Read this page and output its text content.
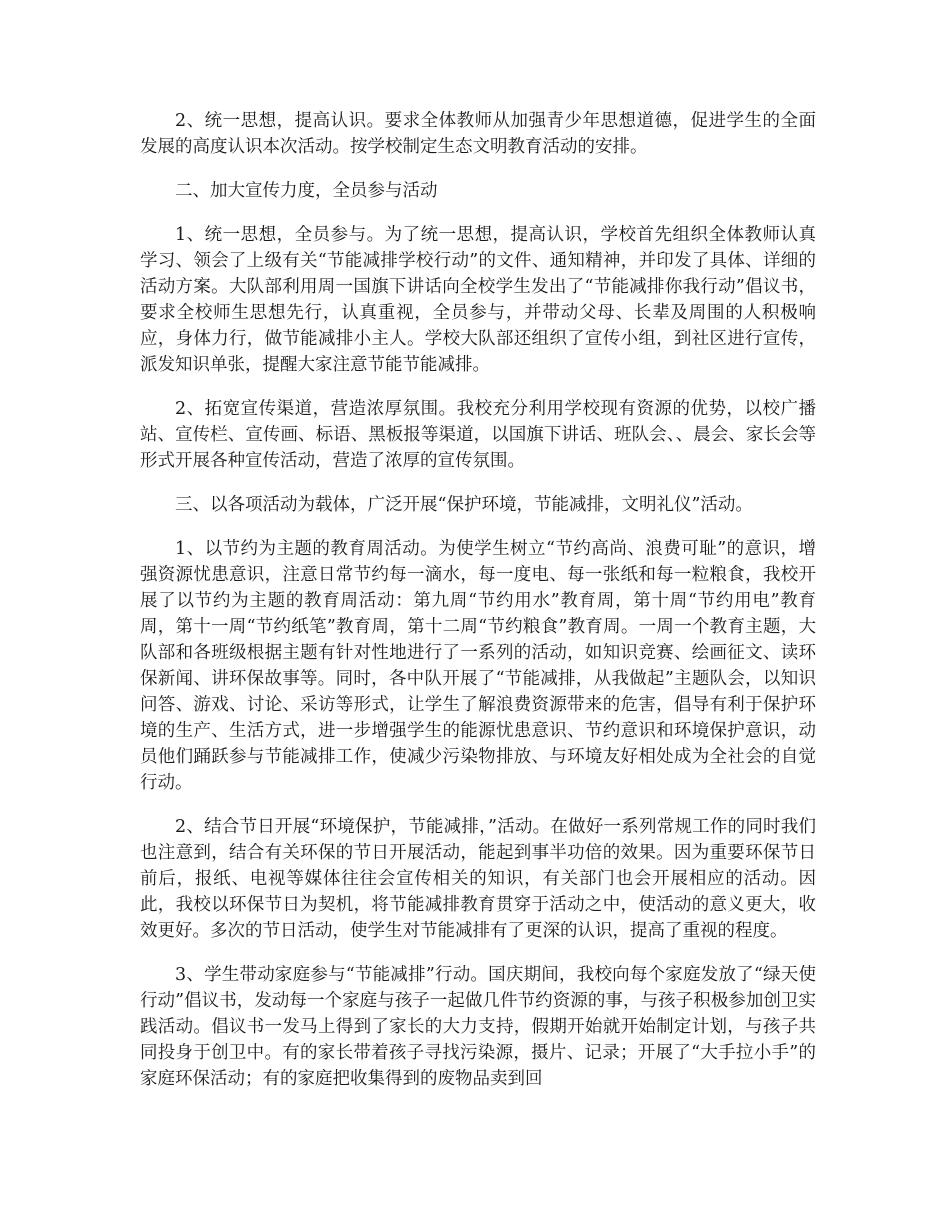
2、统一思想，提高认识。要求全体教师从加强青少年思想道德，促进学生的全面发展的高度认识本次活动。按学校制定生态文明教育活动的安排。

二、加大宣传力度，全员参与活动

1、统一思想，全员参与。为了统一思想，提高认识，学校首先组织全体教师认真学习、领会了上级有关“节能减排学校行动”的文件、通知精神，并印发了具体、详细的活动方案。大队部利用周一国旗下讲话向全校学生发出了“节能减排你我行动”倡议书，要求全校师生思想先行，认真重视，全员参与，并带动父母、长辈及周围的人积极响应，身体力行，做节能减排小主人。学校大队部还组织了宣传小组，到社区进行宣传，派发知识单张，提醒大家注意节能节能减排。

2、拓宽宣传渠道，营造浓厚氛围。我校充分利用学校现有资源的优势，以校广播站、宣传栏、宣传画、标语、黑板报等渠道，以国旗下讲话、班队会、、晨会、家长会等形式开展各种宣传活动，营造了浓厚的宣传氛围。

三、以各项活动为载体，广泛开展“保护环境，节能减排，文明礼仪”活动。

1、以节约为主题的教育周活动。为使学生树立“节约高尚、浪费可耻”的意识，增强资源忧患意识，注意日常节约每一滴水，每一度电、每一张纸和每一粒粮食，我校开展了以节约为主题的教育周活动：第九周“节约用水”教育周，第十周“节约用电”教育周，第十一周“节约纸笔”教育周，第十二周“节约粮食”教育周。一周一个教育主题，大队部和各班级根据主题有针对性地进行了一系列的活动，如知识竞赛、绘画征文、读环保新闻、讲环保故事等。同时，各中队开展了“节能减排，从我做起”主题队会，以知识问答、游戏、讨论、采访等形式，让学生了解浪费资源带来的危害，倡导有利于保护环境的生产、生活方式，进一步增强学生的能源忧患意识、节约意识和环境保护意识，动员他们踊跃参与节能减排工作，使减少污染物排放、与环境友好相处成为全社会的自觉行动。

2、结合节日开展“环境保护，节能减排，”活动。在做好一系列常规工作的同时我们也注意到，结合有关环保的节日开展活动，能起到事半功倍的效果。因为重要环保节日前后，报纸、电视等媒体往往会宣传相关的知识，有关部门也会开展相应的活动。因此，我校以环保节日为契机，将节能减排教育贯穿于活动之中，使活动的意义更大，收效更好。多次的节日活动，使学生对节能减排有了更深的认识，提高了重视的程度。

3、学生带动家庭参与“节能减排”行动。国庆期间，我校向每个家庭发放了“绿天使行动”倡议书，发动每一个家庭与孩子一起做几件节约资源的事，与孩子积极参加创卫实践活动。倡议书一发马上得到了家长的大力支持，假期开始就开始制定计划，与孩子共同投身于创卫中。有的家长带着孩子寻找污染源，摄片、记录；开展了“大手拉小手”的家庭环保活动；有的家庭把收集得到的废物品卖到回
